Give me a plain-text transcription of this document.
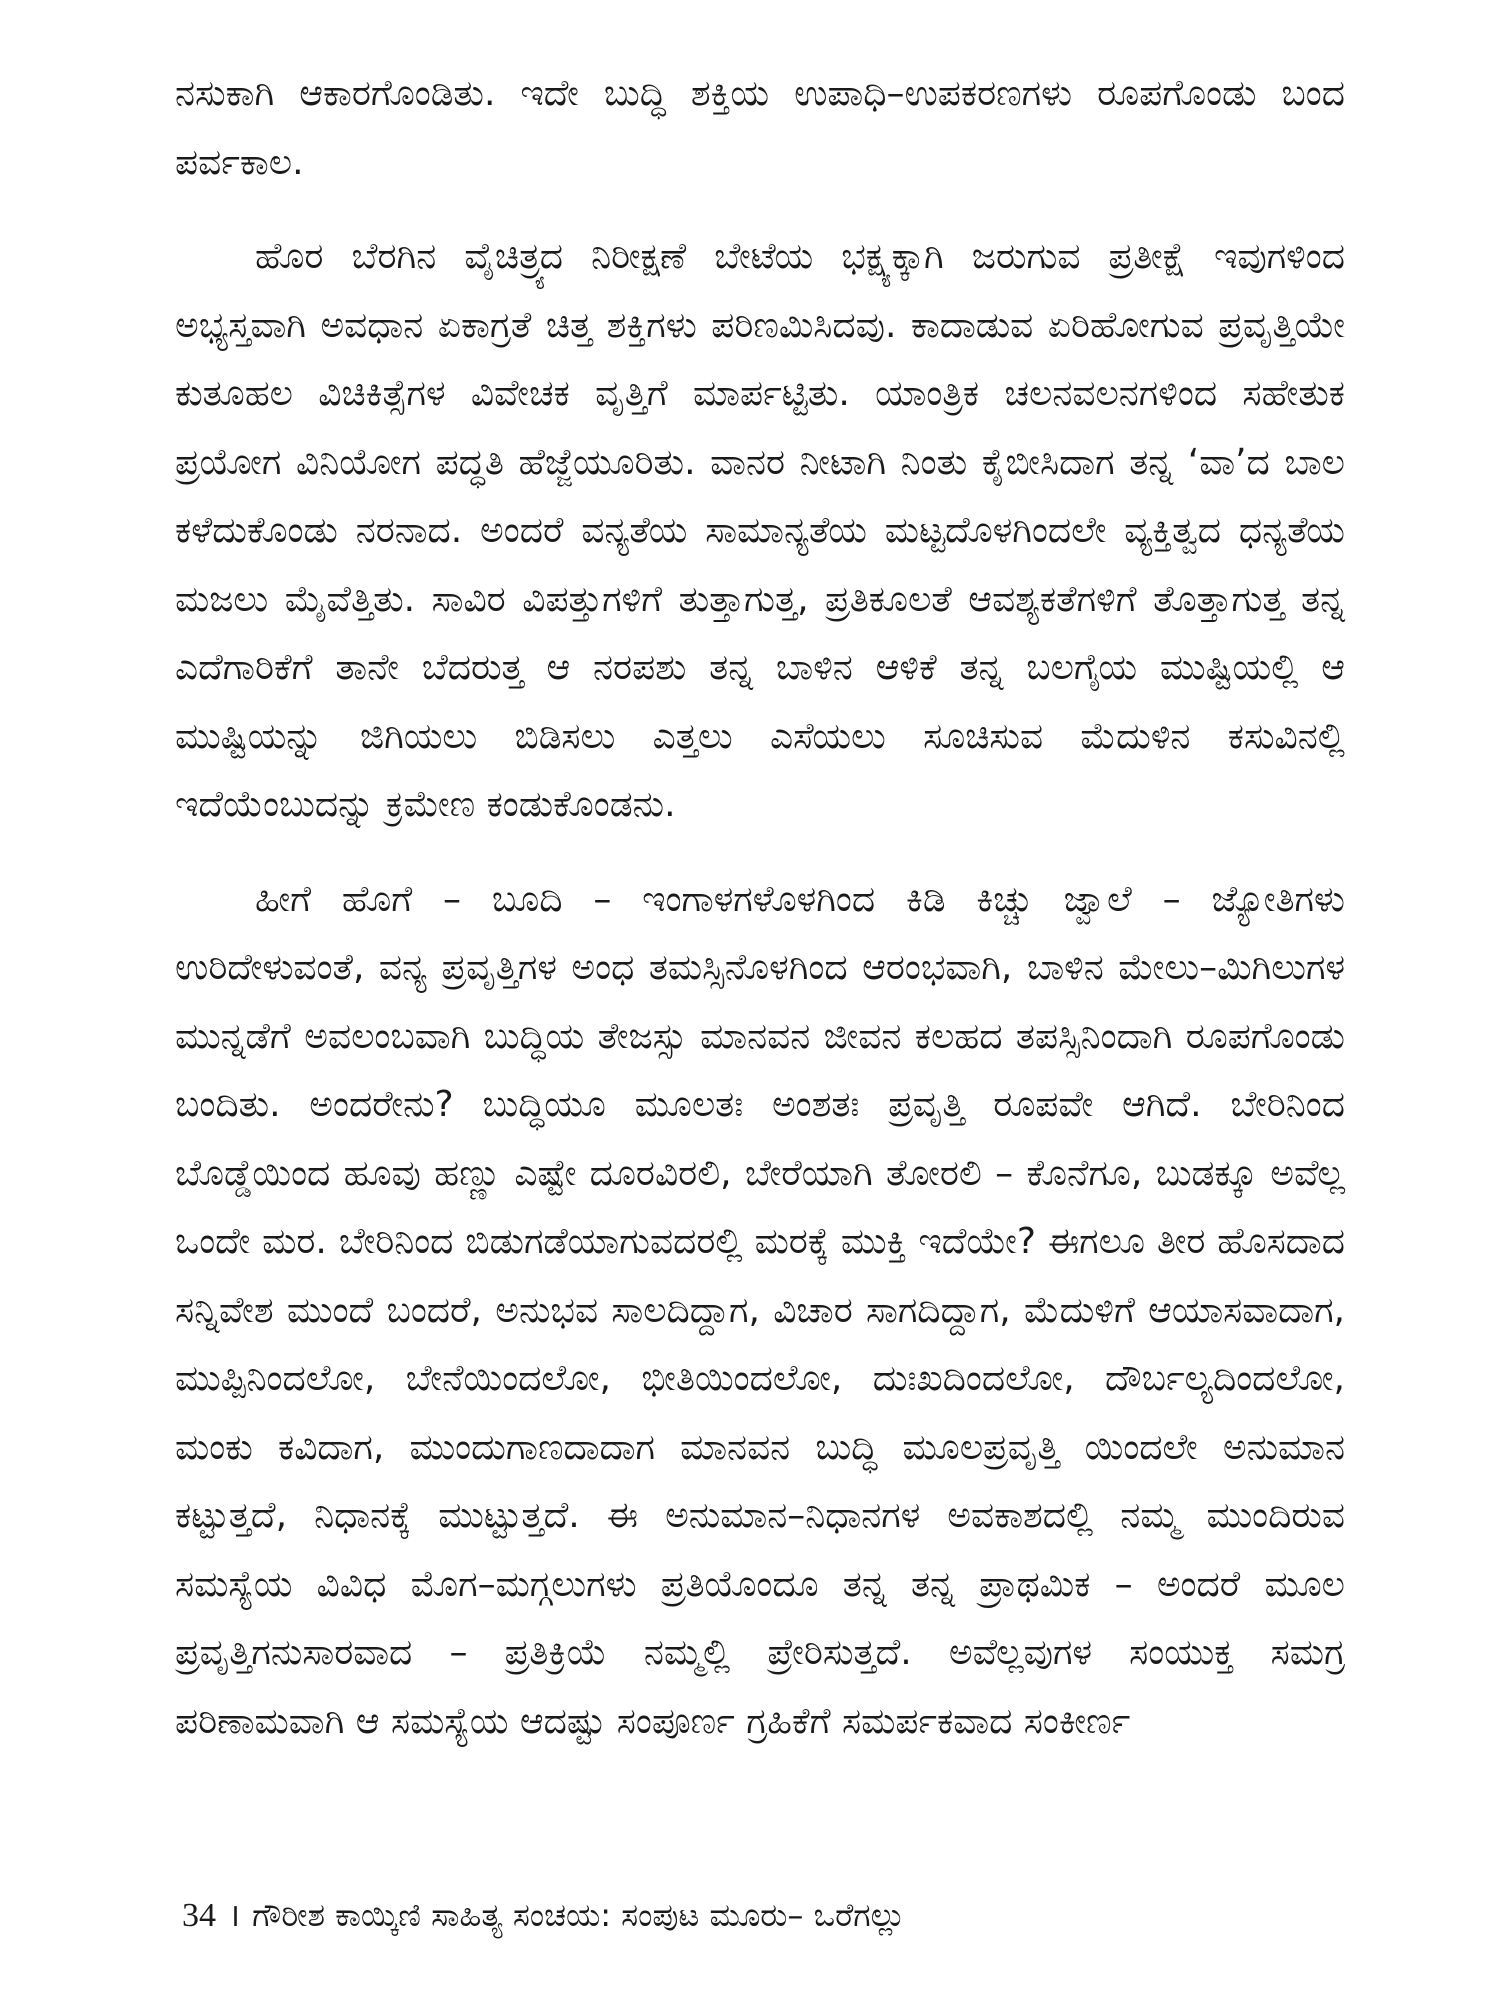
ನಸುಕಾಗಿ ಆಕಾರಗೊಂಡಿತು. ಇದೇ ಬುದ್ಧಿ ಶಕ್ತಿಯ ಉಪಾಧಿ–ಉಪಕರಣಗಳು ರೂಪಗೊಂಡು ಬಂದ ಪರ್ವಕಾಲ.

ಹೊರ ಬೆರಗಿನ ವೈಚಿತ್ರ್ಯದ ನಿರೀಕ್ಷಣೆ ಬೇಟೆಯ ಭಕ್ಷ್ಯಕ್ಕಾಗಿ ಜರುಗುವ ಪ್ರತೀಕ್ಷೆ ಇವುಗಳಿಂದ ಅಭ್ಯಸ್ತವಾಗಿ ಅವಧಾನ ಏಕಾಗ್ರತೆ ಚಿತ್ತ ಶಕ್ತಿಗಳು ಪರಿಣಮಿಸಿದವು. ಕಾದಾಡುವ ಏರಿಹೋಗುವ ಪ್ರವೃತ್ತಿಯೇ ಕುತೂಹಲ ವಿಚಿಕಿತ್ಸೆಗಳ ವಿವೇಚಕ ವೃತ್ತಿಗೆ ಮಾರ್ಪಟ್ಟಿತು. ಯಾಂತ್ರಿಕ ಚಲನವಲನಗಳಿಂದ ಸಹೇತುಕ ಪ್ರಯೋಗ ವಿನಿಯೋಗ ಪದ್ಧತಿ ಹೆಜ್ಜೆಯೂರಿತು. ವಾನರ ನೀಟಾಗಿ ನಿಂತು ಕೈಬೀಸಿದಾಗ ತನ್ನ ‘ವಾ’ದ ಬಾಲ ಕಳೆದುಕೊಂಡು ನರನಾದ. ಅಂದರೆ ವನ್ಯತೆಯ ಸಾಮಾನ್ಯತೆಯ ಮಟ್ಟದೊಳಗಿಂದಲೇ ವ್ಯಕ್ತಿತ್ವದ ಧನ್ಯತೆಯ ಮಜಲು ಮೈವೆತ್ತಿತು. ಸಾವಿರ ವಿಪತ್ತುಗಳಿಗೆ ತುತ್ತಾಗುತ್ತ, ಪ್ರತಿಕೂಲತೆ ಆವಶ್ಯಕತೆಗಳಿಗೆ ತೊತ್ತಾಗುತ್ತ ತನ್ನ ಎದೆಗಾರಿಕೆಗೆ ತಾನೇ ಬೆದರುತ್ತ ಆ ನರಪಶು ತನ್ನ ಬಾಳಿನ ಆಳಿಕೆ ತನ್ನ ಬಲಗೈಯ ಮುಷ್ಟಿಯಲ್ಲಿ ಆ ಮುಷ್ಟಿಯನ್ನು ಜಿಗಿಯಲು ಬಿಡಿಸಲು ಎತ್ತಲು ಎಸೆಯಲು ಸೂಚಿಸುವ ಮೆದುಳಿನ ಕಸುವಿನಲ್ಲಿ ಇದೆಯೆಂಬುದನ್ನು ಕ್ರಮೇಣ ಕಂಡುಕೊಂಡನು.

ಹೀಗೆ ಹೊಗೆ – ಬೂದಿ – ಇಂಗಾಳಗಳೊಳಗಿಂದ ಕಿಡಿ ಕಿಚ್ಚು ಜ್ವಾಲೆ – ಜ್ಯೋತಿಗಳು ಉರಿದೇಳುವಂತೆ, ವನ್ಯ ಪ್ರವೃತ್ತಿಗಳ ಅಂಧ ತಮಸ್ಸಿನೊಳಗಿಂದ ಆರಂಭವಾಗಿ, ಬಾಳಿನ ಮೇಲು–ಮಿಗಿಲುಗಳ ಮುನ್ನಡೆಗೆ ಅವಲಂಬವಾಗಿ ಬುದ್ಧಿಯ ತೇಜಸ್ಸು ಮಾನವನ ಜೀವನ ಕಲಹದ ತಪಸ್ಸಿನಿಂದಾಗಿ ರೂಪಗೊಂಡು ಬಂದಿತು. ಅಂದರೇನು? ಬುದ್ಧಿಯೂ ಮೂಲತಃ ಅಂಶತಃ ಪ್ರವೃತ್ತಿ ರೂಪವೇ ಆಗಿದೆ. ಬೇರಿನಿಂದ ಬೊಡ್ಡೆಯಿಂದ ಹೂವು ಹಣ್ಣು ಎಷ್ಟೇ ದೂರವಿರಲಿ, ಬೇರೆಯಾಗಿ ತೋರಲಿ – ಕೊನೆಗೂ, ಬುಡಕ್ಕೂ ಅವೆಲ್ಲ ಒಂದೇ ಮರ. ಬೇರಿನಿಂದ ಬಿಡುಗಡೆಯಾಗುವದರಲ್ಲಿ ಮರಕ್ಕೆ ಮುಕ್ತಿ ಇದೆಯೇ? ಈಗಲೂ ತೀರ ಹೊಸದಾದ ಸನ್ನಿವೇಶ ಮುಂದೆ ಬಂದರೆ, ಅನುಭವ ಸಾಲದಿದ್ದಾಗ, ವಿಚಾರ ಸಾಗದಿದ್ದಾಗ, ಮೆದುಳಿಗೆ ಆಯಾಸವಾದಾಗ, ಮುಪ್ಪಿನಿಂದಲೋ, ಬೇನೆಯಿಂದಲೋ, ಭೀತಿಯಿಂದಲೋ, ದುಃಖದಿಂದಲೋ, ದೌರ್ಬಲ್ಯದಿಂದಲೋ, ಮಂಕು ಕವಿದಾಗ, ಮುಂದುಗಾಣದಾದಾಗ ಮಾನವನ ಬುದ್ಧಿ ಮೂಲಪ್ರವೃತ್ತಿ ಯಿಂದಲೇ ಅನುಮಾನ ಕಟ್ಟುತ್ತದೆ, ನಿಧಾನಕ್ಕೆ ಮುಟ್ಟುತ್ತದೆ. ಈ ಅನುಮಾನ–ನಿಧಾನಗಳ ಅವಕಾಶದಲ್ಲಿ ನಮ್ಮ ಮುಂದಿರುವ ಸಮಸ್ಯೆಯ ವಿವಿಧ ಮೊಗ–ಮಗ್ಗಲುಗಳು ಪ್ರತಿಯೊಂದೂ ತನ್ನ ತನ್ನ ಪ್ರಾಥಮಿಕ – ಅಂದರೆ ಮೂಲ ಪ್ರವೃತ್ತಿಗನುಸಾರವಾದ – ಪ್ರತಿಕ್ರಿಯೆ ನಮ್ಮಲ್ಲಿ ಪ್ರೇರಿಸುತ್ತದೆ. ಅವೆಲ್ಲವುಗಳ ಸಂಯುಕ್ತ ಸಮಗ್ರ ಪರಿಣಾಮವಾಗಿ ಆ ಸಮಸ್ಯೆಯ ಆದಷ್ಟು ಸಂಪೂರ್ಣ ಗ್ರಹಿಕೆಗೆ ಸಮರ್ಪಕವಾದ ಸಂಕೀರ್ಣ

34 । ಗೌರೀಶ ಕಾಯ್ಕಿಣಿ ಸಾಹಿತ್ಯ ಸಂಚಯ: ಸಂಪುಟ ಮೂರು– ಒರೆಗಲ್ಲು
